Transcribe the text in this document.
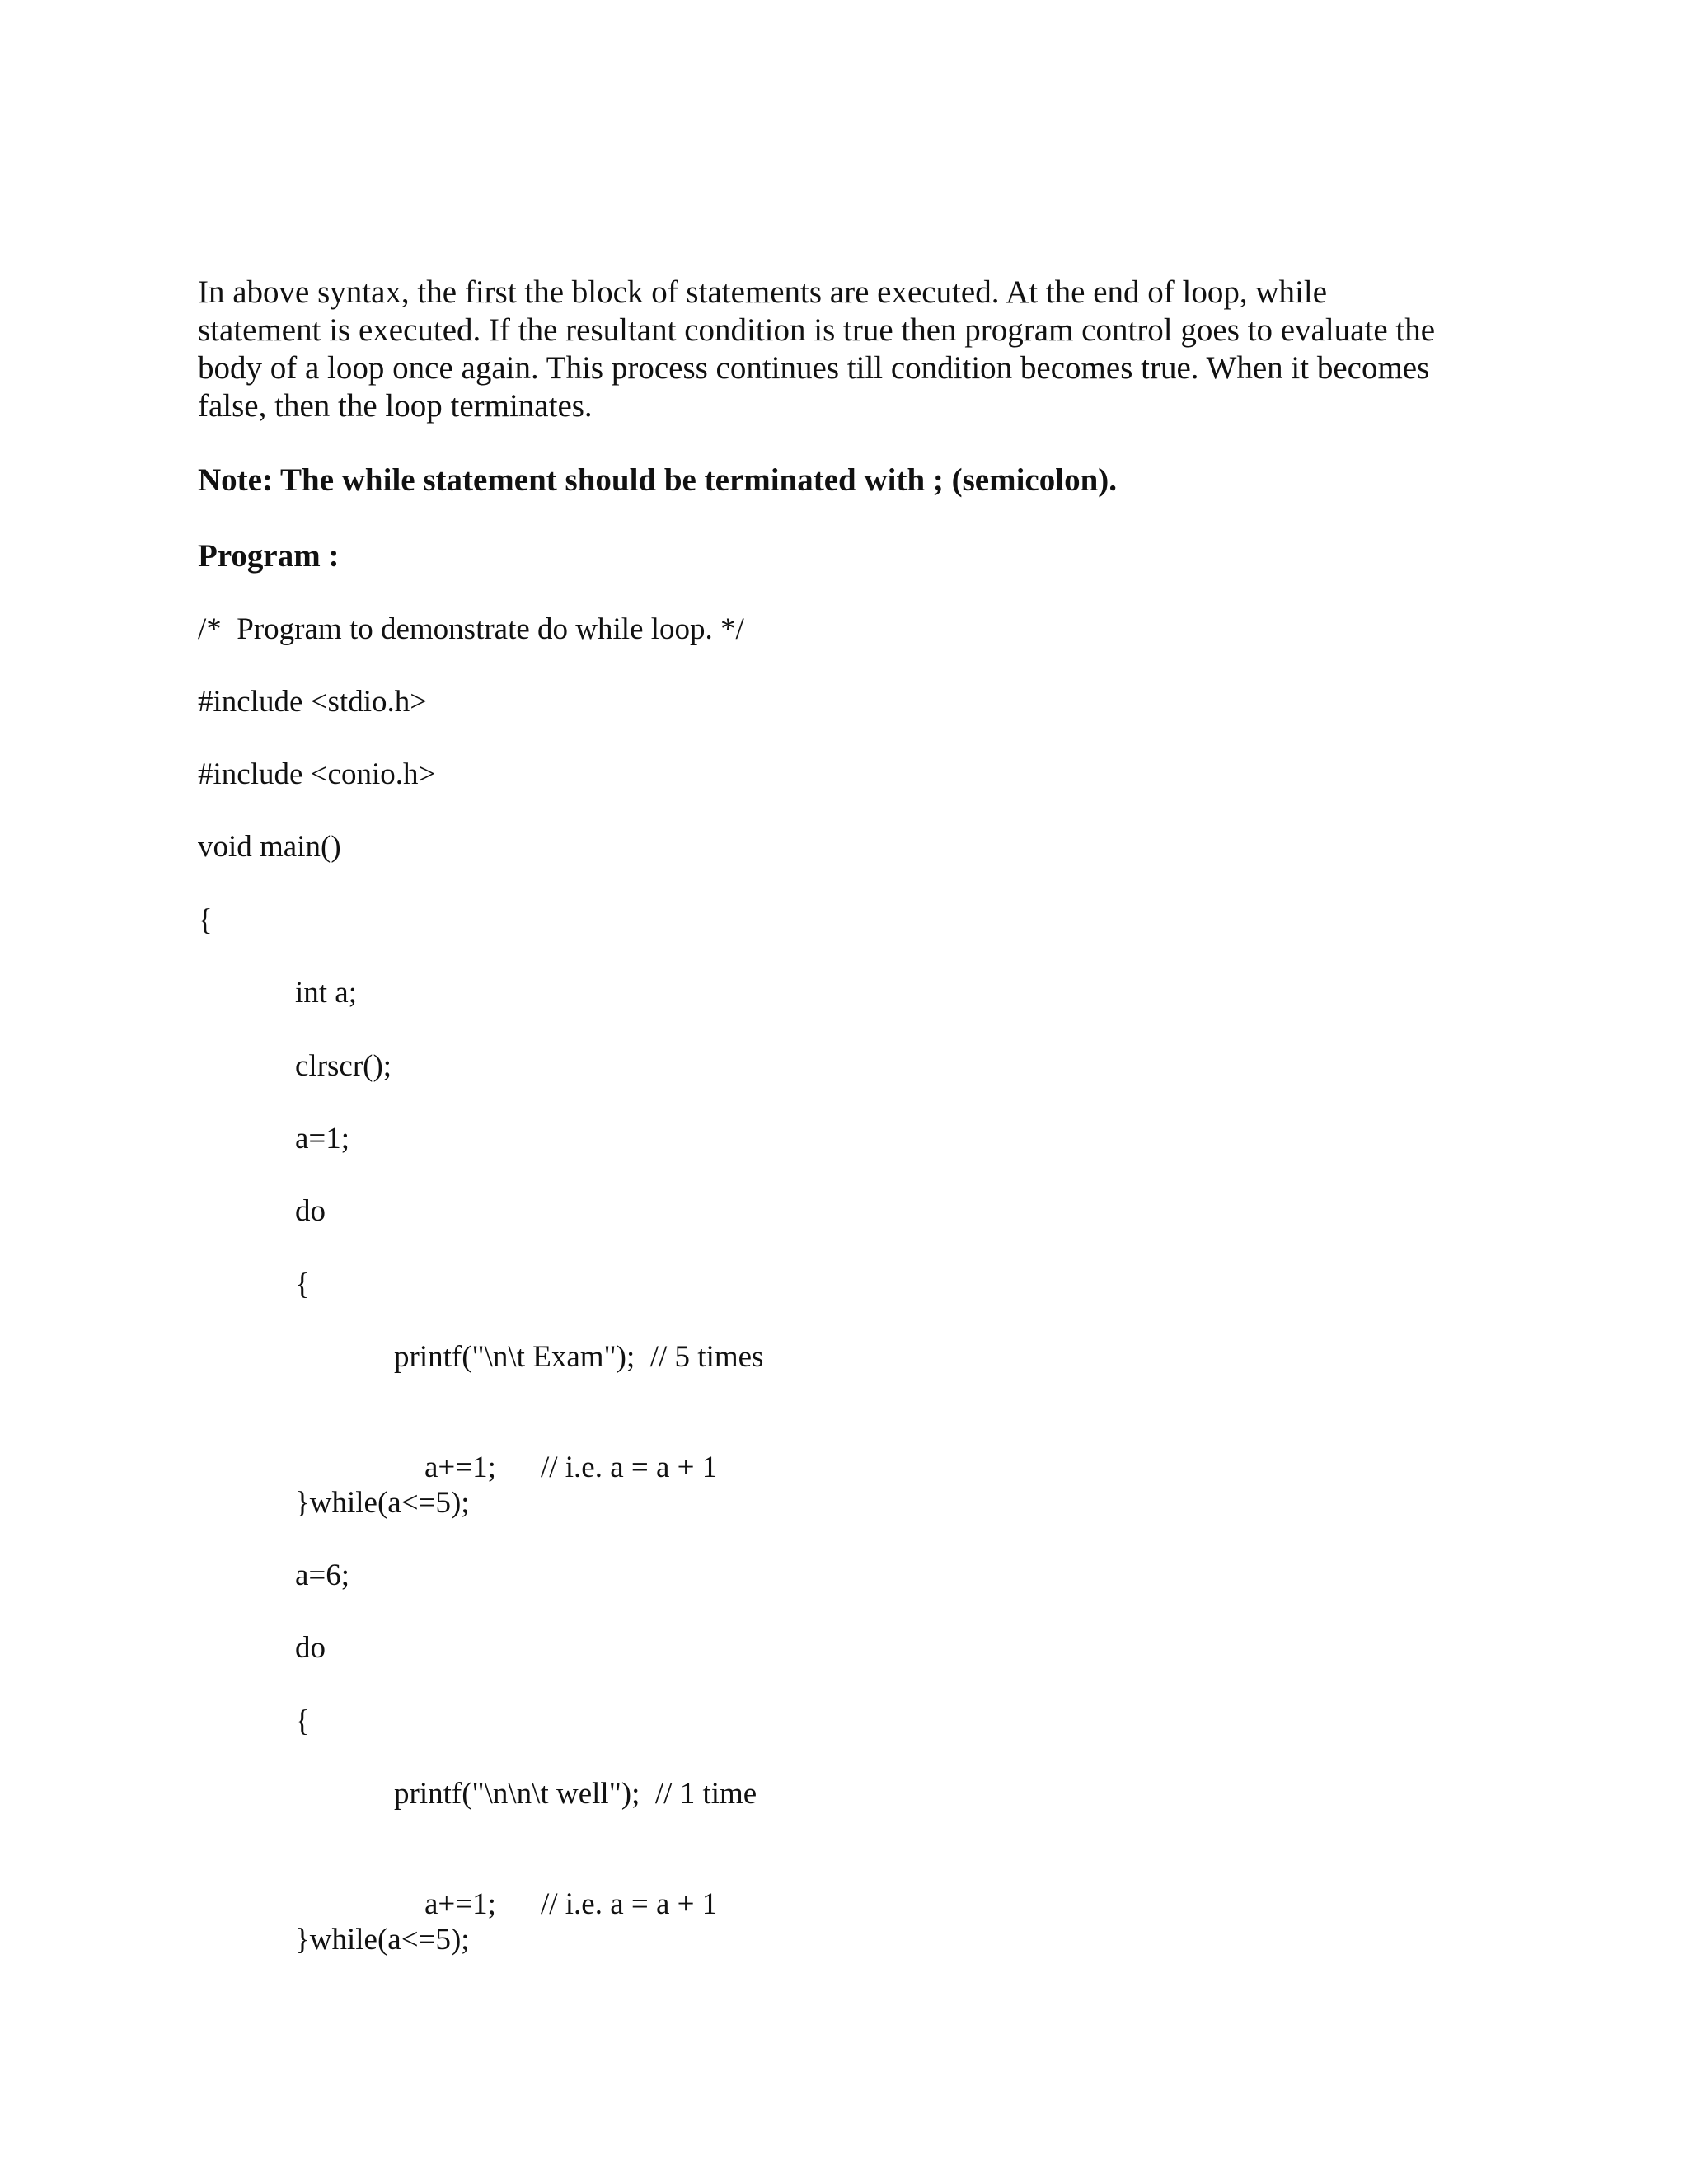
In above syntax, the first the block of statements are executed. At the end of loop, while
statement is executed. If the resultant condition is true then program control goes to evaluate the
body of a loop once again. This process continues till condition becomes true. When it becomes
false, then the loop terminates.
Note: The while statement should be terminated with ; (semicolon).
Program :
/*  Program to demonstrate do while loop. */
#include <stdio.h>
#include <conio.h>
void main()
{
int a;
clrscr();
a=1;
do
{
printf("\n\t Exam");  // 5 times

a+=1; // i.e. a = a + 1

}while(a<=5);
a=6;
do
{
printf("\n\n\t well");  // 1 time

a+=1; // i.e. a = a + 1

}while(a<=5);
